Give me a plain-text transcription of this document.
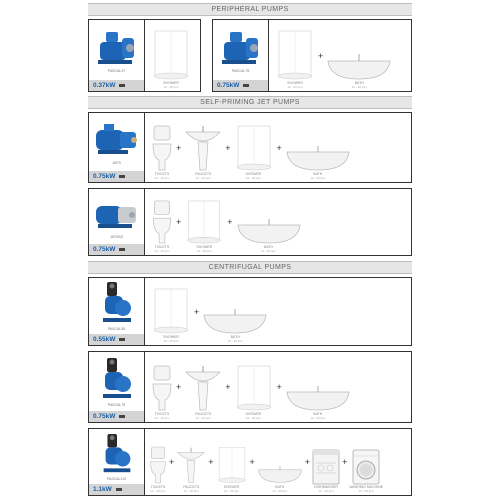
PERIPHERAL PUMPS
PASCAL37
0.37kW	SHOWER
10 - 25 lpm
PASCAL75
0.75kW	SHOWER
10 - 25 lpm
+
BATH
12 - 20 lpm
SELF-PRIMING JET PUMPS
JM75
0.75kW	TOILETS
12 - 15 lpm
+
FAUCETS
12 - 20 lpm
+
SHOWER
10 - 25 lpm
+
BATH
12 - 20 lpm
JM75SS
0.75kW	TOILETS
12 - 15 lpm
+
SHOWER
10 - 25 lpm
+
BATH
12 - 20 lpm
CENTRIFUGAL PUMPS
PASCAL55
0.55kW	SHOWER
10 - 25 lpm
+
BATH
12 - 20 lpm
PASCAL75
0.75kW	TOILETS
12 - 15 lpm
+
FAUCETS
12 - 20 lpm
+
SHOWER
10 - 25 lpm
+
BATH
12 - 20 lpm
PASCAL110
1.1kW	TOILETS
12 - 15 lpm
+
FAUCETS
12 - 20 lpm
+
SHOWER
10 - 25 lpm
+
BATH
12 - 20 lpm
+
DISHWASHER
10 - 15 lpm
+
WASHING MACHINE
15 - 25 lpm
